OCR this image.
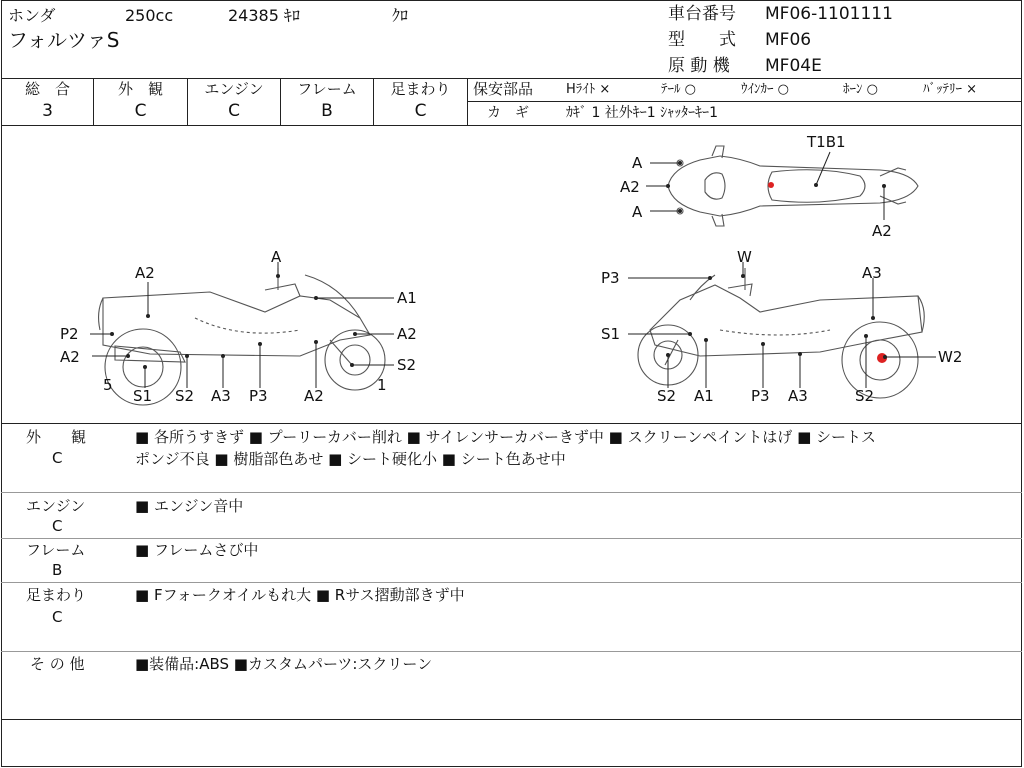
ホンダ	250cc	24385 ｷﾛ	ｸﾛ
フォルツァS
車台番号 MF06-1101111
型　　式 MF06
原 動 機 MF04E
総　合	外　観	エンジン	フレーム	足まわり
3	C	C	B	C
保安部品	Hﾗｲﾄ ×	ﾃｰﾙ ○	ｳｲﾝｶｰ ○	ﾎｰﾝ ○	ﾊﾞｯﾃﾘｰ ×
カ　ギ	ｶｷﾞ 1 社外ｷｰ1 ｼｬｯﾀｰｷｰ1
A
A2
A
T1B1
A2
A
A2
A1
P2
A2
A2
S2
5	1
S1 S2 A3 P3 A2
W
P3	A3
S1
W2
S2 A1 P3 A3	S2
外　　観
C
■ 各所うすきず ■ プーリーカバー削れ ■ サイレンサーカバーきず中 ■ スクリーンペイントはげ ■ シートス
ポンジ不良 ■ 樹脂部色あせ ■ シート硬化小 ■ シート色あせ中
エンジン
C
■ エンジン音中
フレーム
B
■ フレームさび中
足まわり
C
■ Fフォークオイルもれ大 ■ Rサス摺動部きず中
そ の 他	■装備品:ABS ■カスタムパーツ:スクリーン
